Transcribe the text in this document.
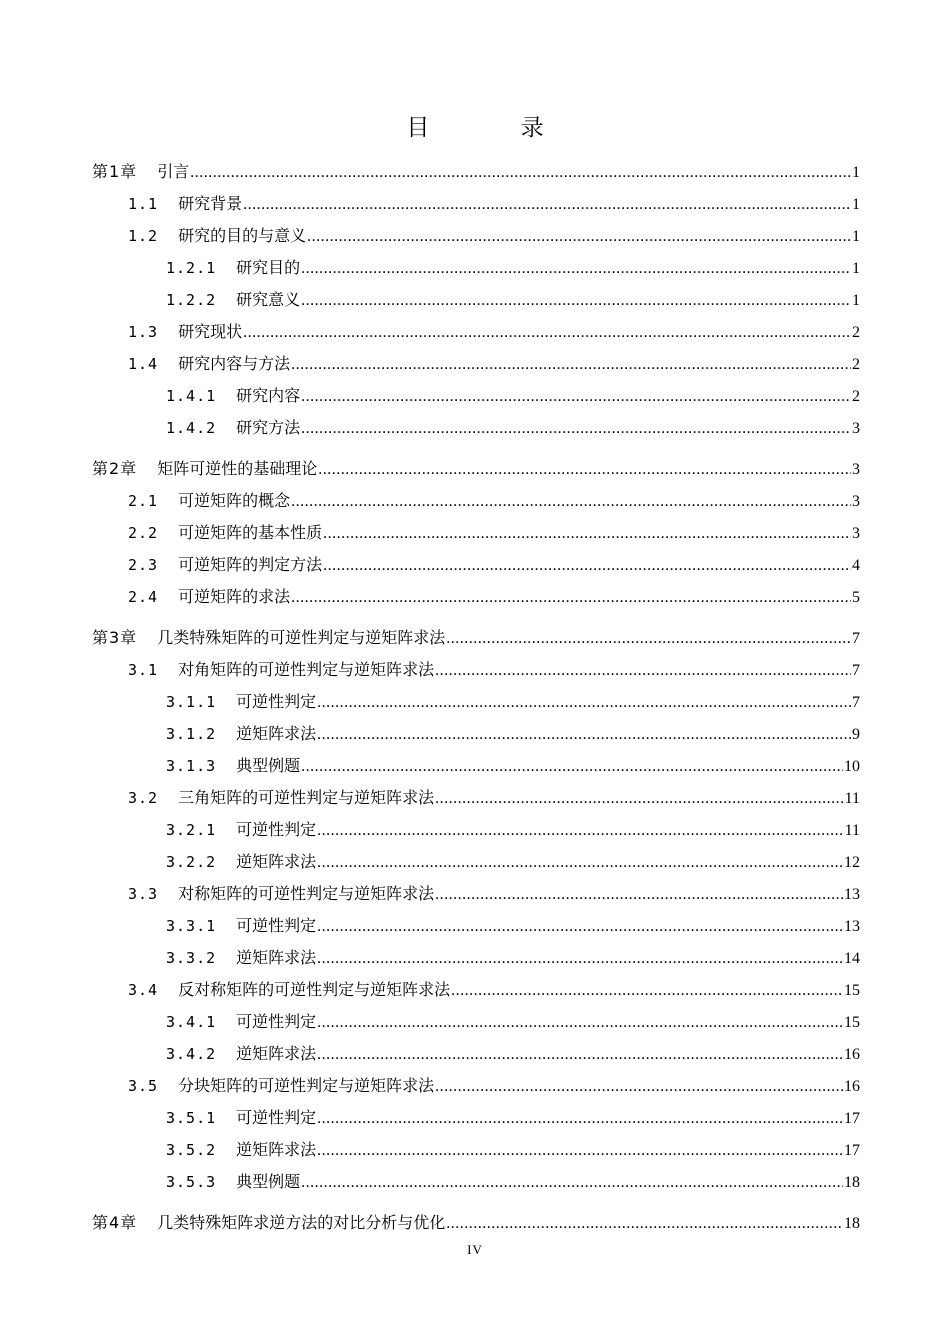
目 录
第1章 引言 .....	1
1.1 研究背景 .....	1
1.2 研究的目的与意义 .....	1
1.2.1 研究目的 .....	1
1.2.2 研究意义 .....	1
1.3 研究现状 .....	2
1.4 研究内容与方法 .....	2
1.4.1 研究内容 .....	2
1.4.2 研究方法 .....	3
第2章 矩阵可逆性的基础理论 .....	3
2.1 可逆矩阵的概念 .....	3
2.2 可逆矩阵的基本性质 .....	3
2.3 可逆矩阵的判定方法 .....	4
2.4 可逆矩阵的求法 .....	5
第3章 几类特殊矩阵的可逆性判定与逆矩阵求法 .....	7
3.1 对角矩阵的可逆性判定与逆矩阵求法 .....	7
3.1.1 可逆性判定 .....	7
3.1.2 逆矩阵求法 .....	9
3.1.3 典型例题 .....	10
3.2 三角矩阵的可逆性判定与逆矩阵求法 .....	11
3.2.1 可逆性判定 .....	11
3.2.2 逆矩阵求法 .....	12
3.3 对称矩阵的可逆性判定与逆矩阵求法 .....	13
3.3.1 可逆性判定 .....	13
3.3.2 逆矩阵求法 .....	14
3.4 反对称矩阵的可逆性判定与逆矩阵求法 .....	15
3.4.1 可逆性判定 .....	15
3.4.2 逆矩阵求法 .....	16
3.5 分块矩阵的可逆性判定与逆矩阵求法 .....	16
3.5.1 可逆性判定 .....	17
3.5.2 逆矩阵求法 .....	17
3.5.3 典型例题 .....	18
第4章 几类特殊矩阵求逆方法的对比分析与优化 .....	18
IV
